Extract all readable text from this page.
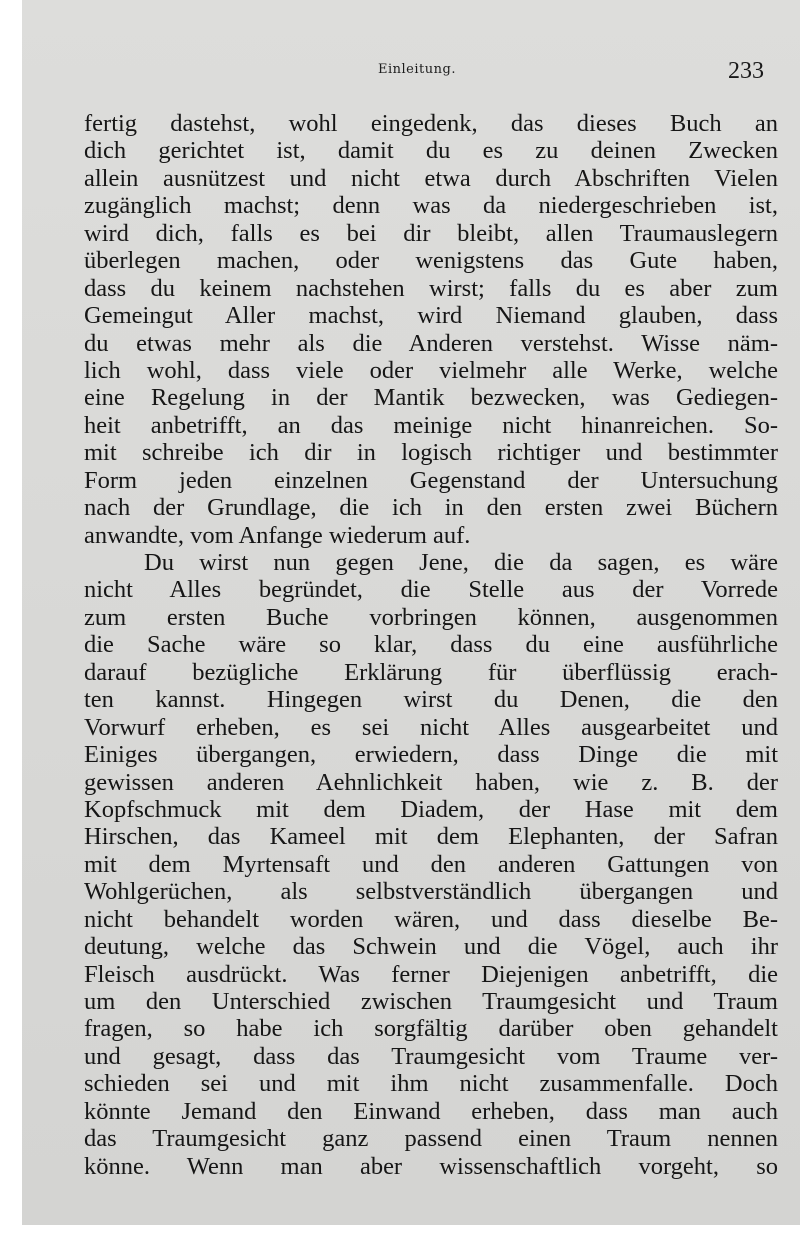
Einleitung.	233
fertig dastehst, wohl eingedenk, das dieses Buch an
dich gerichtet ist, damit du es zu deinen Zwecken
allein ausnützest und nicht etwa durch Abschriften Vielen
zugänglich machst; denn was da niedergeschrieben ist,
wird dich, falls es bei dir bleibt, allen Traumauslegern
überlegen machen, oder wenigstens das Gute haben,
dass du keinem nachstehen wirst; falls du es aber zum
Gemeingut Aller machst, wird Niemand glauben, dass
du etwas mehr als die Anderen verstehst. Wisse näm-
lich wohl, dass viele oder vielmehr alle Werke, welche
eine Regelung in der Mantik bezwecken, was Gediegen-
heit anbetrifft, an das meinige nicht hinanreichen. So-
mit schreibe ich dir in logisch richtiger und bestimmter
Form jeden einzelnen Gegenstand der Untersuchung
nach der Grundlage, die ich in den ersten zwei Büchern
anwandte, vom Anfange wiederum auf.
Du wirst nun gegen Jene, die da sagen, es wäre
nicht Alles begründet, die Stelle aus der Vorrede
zum ersten Buche vorbringen können, ausgenommen
die Sache wäre so klar, dass du eine ausführliche
darauf bezügliche Erklärung für überflüssig erach-
ten kannst. Hingegen wirst du Denen, die den
Vorwurf erheben, es sei nicht Alles ausgearbeitet und
Einiges übergangen, erwiedern, dass Dinge die mit
gewissen anderen Aehnlichkeit haben, wie z. B. der
Kopfschmuck mit dem Diadem, der Hase mit dem
Hirschen, das Kameel mit dem Elephanten, der Safran
mit dem Myrtensaft und den anderen Gattungen von
Wohlgerüchen, als selbstverständlich übergangen und
nicht behandelt worden wären, und dass dieselbe Be-
deutung, welche das Schwein und die Vögel, auch ihr
Fleisch ausdrückt. Was ferner Diejenigen anbetrifft, die
um den Unterschied zwischen Traumgesicht und Traum
fragen, so habe ich sorgfältig darüber oben gehandelt
und gesagt, dass das Traumgesicht vom Traume ver-
schieden sei und mit ihm nicht zusammenfalle. Doch
könnte Jemand den Einwand erheben, dass man auch
das Traumgesicht ganz passend einen Traum nennen
könne. Wenn man aber wissenschaftlich vorgeht, so
